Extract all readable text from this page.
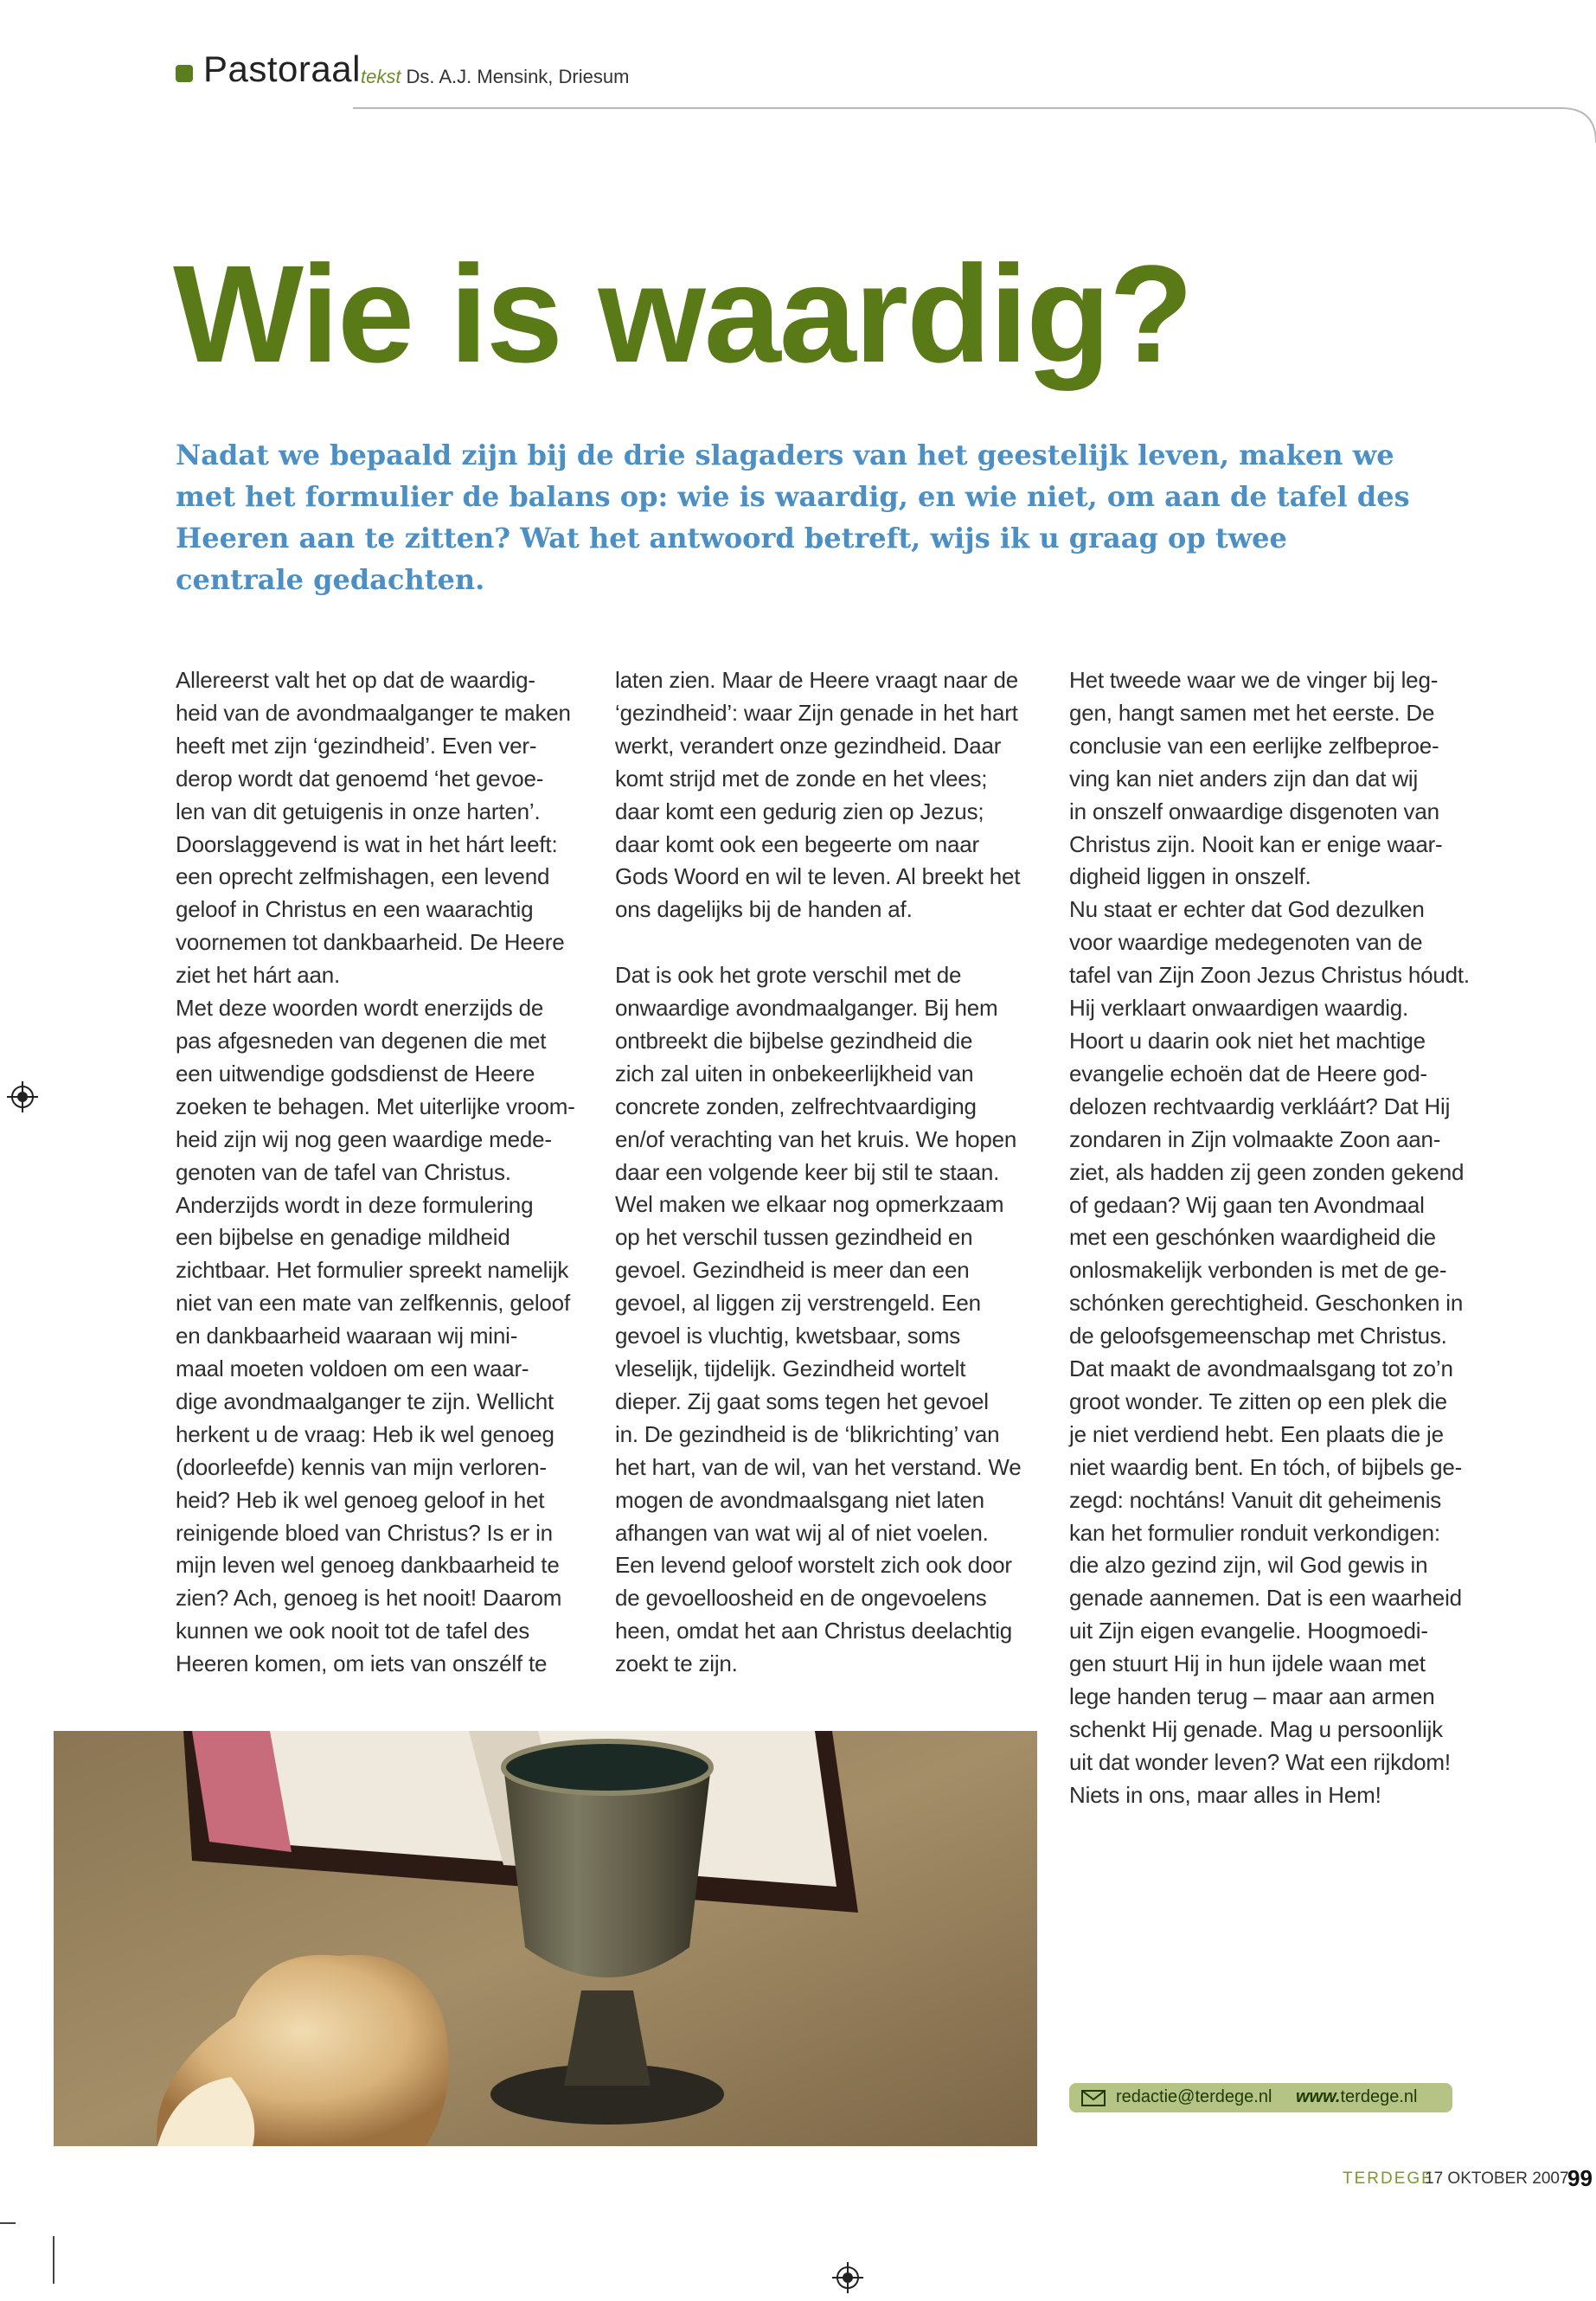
Pastoraal tekst Ds. A.J. Mensink, Driesum
Wie is waardig?
Nadat we bepaald zijn bij de drie slagaders van het geestelijk leven, maken we met het formulier de balans op: wie is waardig, en wie niet, om aan de tafel des Heeren aan te zitten? Wat het antwoord betreft, wijs ik u graag op twee centrale gedachten.

Allereerst valt het op dat de waardig-
heid van de avondmaalganger te maken
heeft met zijn ‘gezindheid’. Even ver-
derop wordt dat genoemd ‘het gevoe-
len van dit getuigenis in onze harten’.
Doorslaggevend is wat in het hárt leeft:
een oprecht zelfmishagen, een levend
geloof in Christus en een waarachtig
voornemen tot dankbaarheid. De Heere
ziet het hárt aan.
Met deze woorden wordt enerzijds de
pas afgesneden van degenen die met
een uitwendige godsdienst de Heere
zoeken te behagen. Met uiterlijke vroom-
heid zijn wij nog geen waardige mede-
genoten van de tafel van Christus.
Anderzijds wordt in deze formulering
een bijbelse en genadige mildheid
zichtbaar. Het formulier spreekt namelijk
niet van een mate van zelfkennis, geloof
en dankbaarheid waaraan wij mini-
maal moeten voldoen om een waar-
dige avondmaalganger te zijn. Wellicht
herkent u de vraag: Heb ik wel genoeg
(doorleefde) kennis van mijn verloren-
heid? Heb ik wel genoeg geloof in het
reinigende bloed van Christus? Is er in
mijn leven wel genoeg dankbaarheid te
zien? Ach, genoeg is het nooit! Daarom
kunnen we ook nooit tot de tafel des
Heeren komen, om iets van onszélf te

laten zien. Maar de Heere vraagt naar de
‘gezindheid’: waar Zijn genade in het hart
werkt, verandert onze gezindheid. Daar
komt strijd met de zonde en het vlees;
daar komt een gedurig zien op Jezus;
daar komt ook een begeerte om naar
Gods Woord en wil te leven. Al breekt het
ons dagelijks bij de handen af.

Dat is ook het grote verschil met de
onwaardige avondmaalganger. Bij hem
ontbreekt die bijbelse gezindheid die
zich zal uiten in onbekeerlijkheid van
concrete zonden, zelfrechtvaardiging
en/of verachting van het kruis. We hopen
daar een volgende keer bij stil te staan.
Wel maken we elkaar nog opmerkzaam
op het verschil tussen gezindheid en
gevoel. Gezindheid is meer dan een
gevoel, al liggen zij verstrengeld. Een
gevoel is vluchtig, kwetsbaar, soms
vleselijk, tijdelijk. Gezindheid wortelt
dieper. Zij gaat soms tegen het gevoel
in. De gezindheid is de ‘blikrichting’ van
het hart, van de wil, van het verstand. We
mogen de avondmaalsgang niet laten
afhangen van wat wij al of niet voelen.
Een levend geloof worstelt zich ook door
de gevoelloosheid en de ongevoelens
heen, omdat het aan Christus deelachtig
zoekt te zijn.

Het tweede waar we de vinger bij leg-
gen, hangt samen met het eerste. De
conclusie van een eerlijke zelfbeproe-
ving kan niet anders zijn dan dat wij
in onszelf onwaardige disgenoten van
Christus zijn. Nooit kan er enige waar-
digheid liggen in onszelf.
Nu staat er echter dat God dezulken
voor waardige medegenoten van de
tafel van Zijn Zoon Jezus Christus hóudt.
Hij verklaart onwaardigen waardig.
Hoort u daarin ook niet het machtige
evangelie echoën dat de Heere god-
delozen rechtvaardig verkláárt? Dat Hij
zondaren in Zijn volmaakte Zoon aan-
ziet, als hadden zij geen zonden gekend
of gedaan? Wij gaan ten Avondmaal
met een geschónken waardigheid die
onlosmakelijk verbonden is met de ge-
schónken gerechtigheid. Geschonken in
de geloofsgemeenschap met Christus.
Dat maakt de avondmaalsgang tot zo’n
groot wonder. Te zitten op een plek die
je niet verdiend hebt. Een plaats die je
niet waardig bent. En tóch, of bijbels ge-
zegd: nochtáns! Vanuit dit geheimenis
kan het formulier ronduit verkondigen:
die alzo gezind zijn, wil God gewis in
genade aannemen. Dat is een waarheid
uit Zijn eigen evangelie. Hoogmoedi-
gen stuurt Hij in hun ijdele waan met
lege handen terug – maar aan armen
schenkt Hij genade. Mag u persoonlijk
uit dat wonder leven? Wat een rijkdom!
Niets in ons, maar alles in Hem!

redactie@terdege.nl www.terdege.nl
TERDEGE
17 OKTOBER 2007
99
